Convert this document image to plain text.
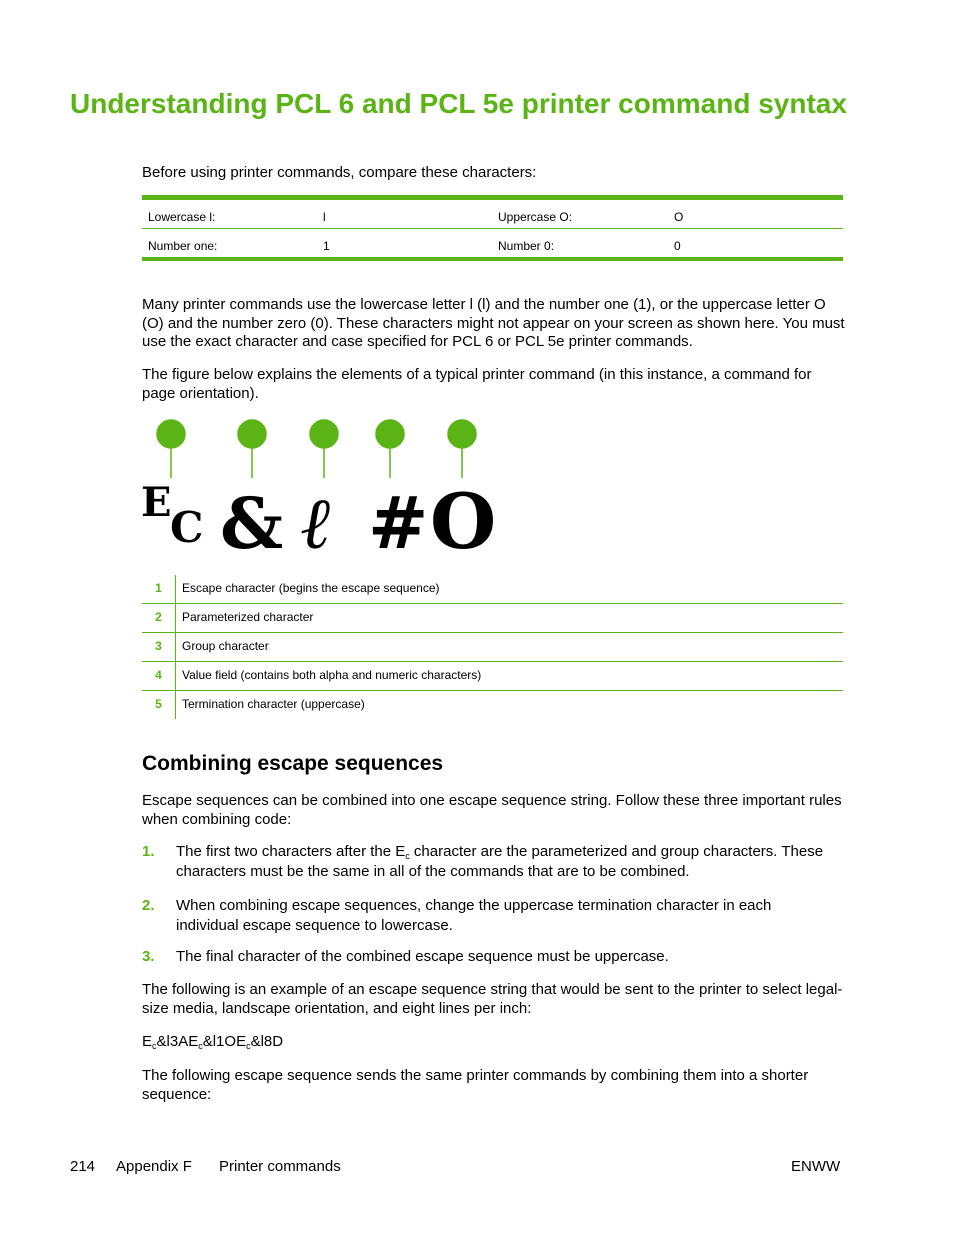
Understanding PCL 6 and PCL 5e printer command syntax

Before using printer commands, compare these characters:

Lowercase l:	l	Uppercase O:	O
Number one:	1	Number 0:	0

Many printer commands use the lowercase letter l (l) and the number one (1), or the uppercase letter O (O) and the number zero (0). These characters might not appear on your screen as shown here. You must use the exact character and case specified for PCL 6 or PCL 5e printer commands.

The figure below explains the elements of a typical printer command (in this instance, a command for page orientation).

E
C & ℓ # O
1	Escape character (begins the escape sequence)
2	Parameterized character
3	Group character
4	Value field (contains both alpha and numeric characters)
5	Termination character (uppercase)
Combining escape sequences

Escape sequences can be combined into one escape sequence string. Follow these three important rules when combining code:

1. The first two characters after the $E_c$ character are the parameterized and group characters. These characters must be the same in all of the commands that are to be combined.

2. When combining escape sequences, change the uppercase termination character in each individual escape sequence to lowercase.

3. The final character of the combined escape sequence must be uppercase.

The following is an example of an escape sequence string that would be sent to the printer to select legal-size media, landscape orientation, and eight lines per inch:

$E_c\&l3AE_c\&l1OE_c\&l8D$

The following escape sequence sends the same printer commands by combining them into a shorter sequence:

214 Appendix F Printer commands	ENWW
